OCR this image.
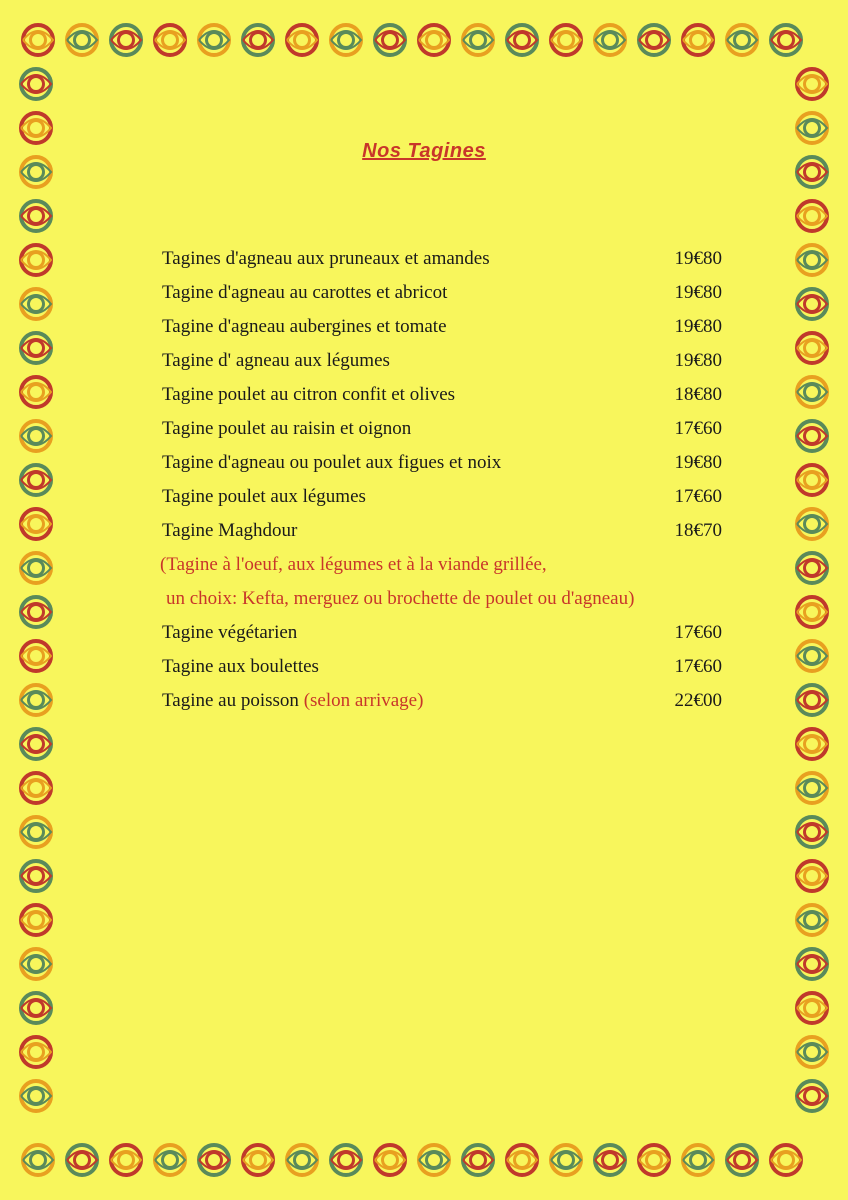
Nos Tagines
Tagines d'agneau aux pruneaux et amandes	19€80
Tagine d'agneau au carottes et abricot	19€80
Tagine d'agneau aubergines et tomate	19€80
Tagine d' agneau aux légumes	19€80
Tagine poulet au citron confit et olives	18€80
Tagine poulet au raisin et oignon	17€60
Tagine d'agneau ou poulet aux figues et noix	19€80
Tagine poulet aux légumes	17€60
Tagine Maghdour	18€70
(Tagine à l'oeuf, aux légumes et à la viande grillée,
un choix: Kefta, merguez ou brochette de poulet ou d'agneau)
Tagine végétarien	17€60
Tagine aux boulettes	17€60
Tagine au poisson (selon arrivage)	22€00
